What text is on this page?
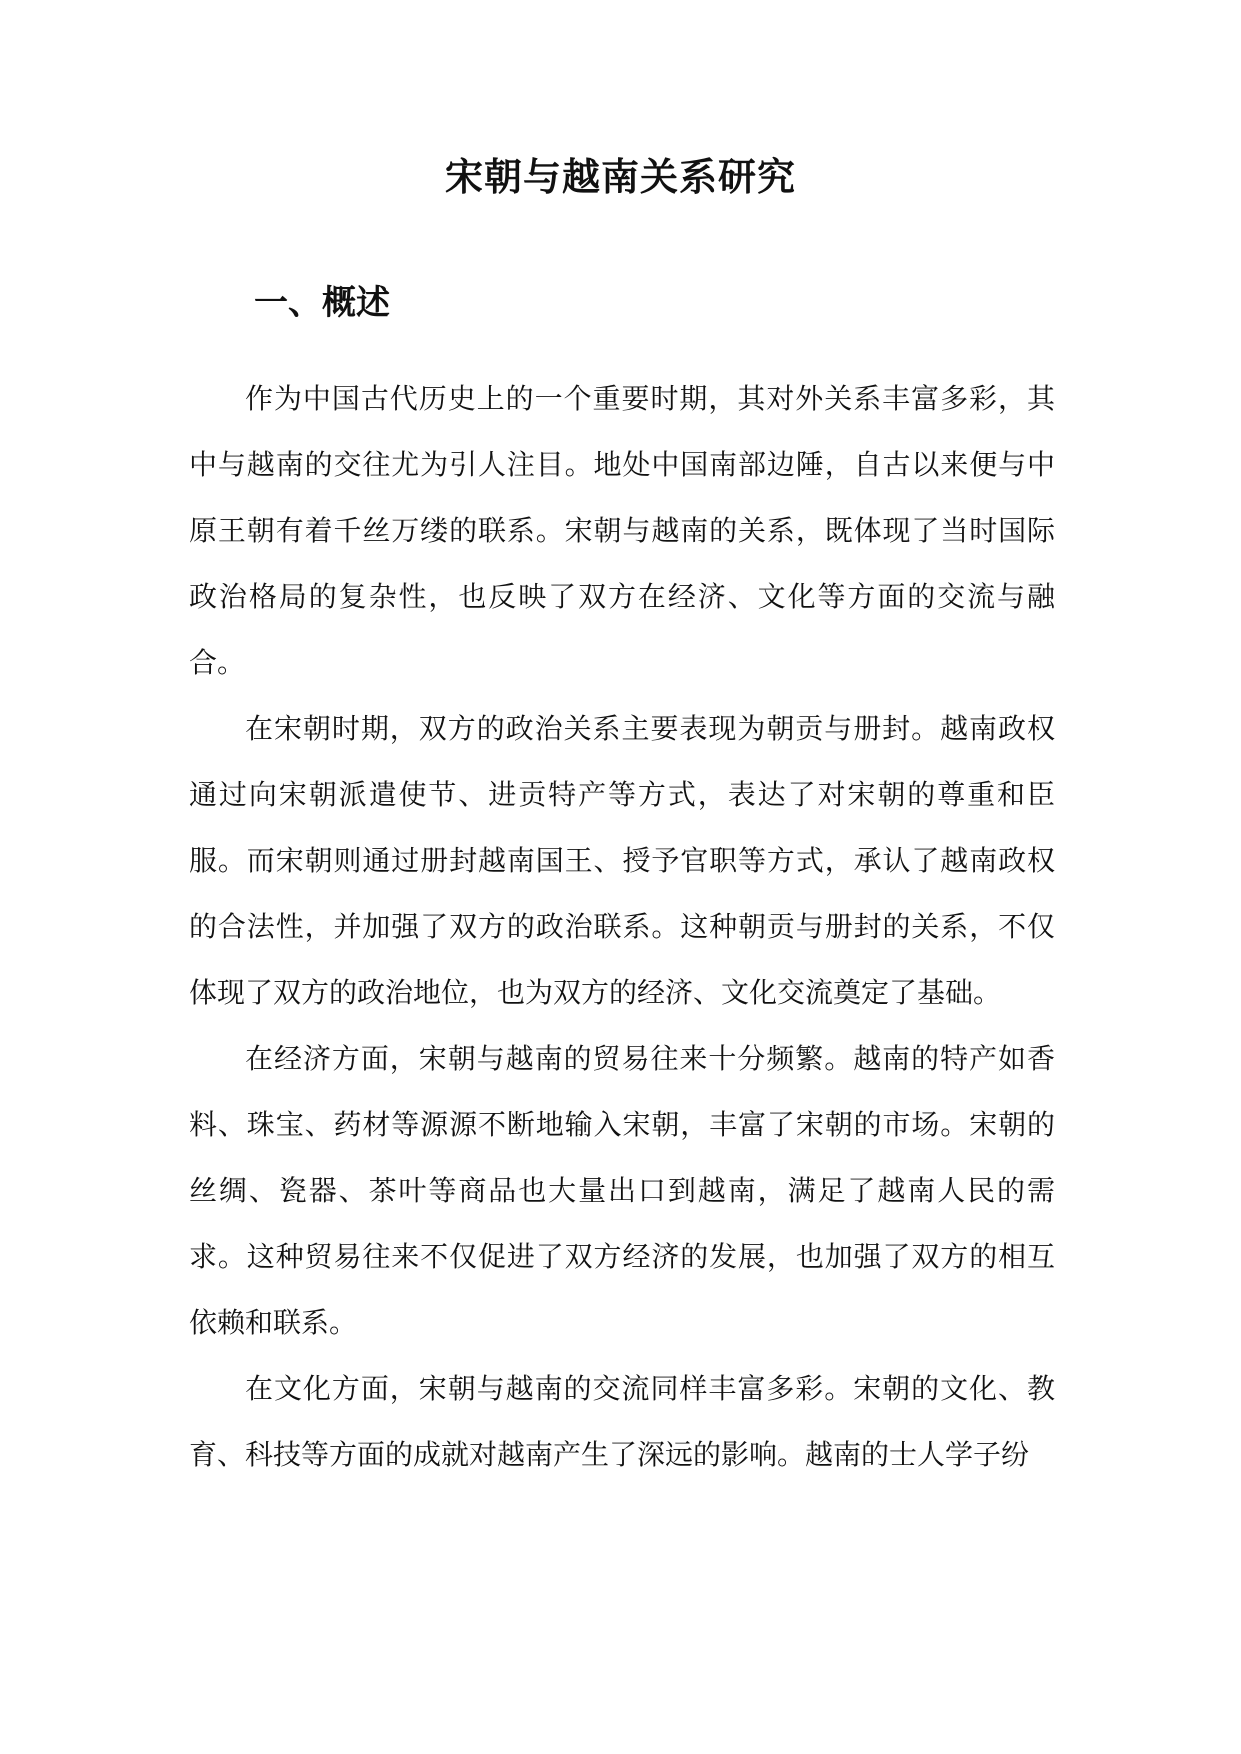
宋朝与越南关系研究
一、概述

作为中国古代历史上的一个重要时期，其对外关系丰富多彩，其中与越南的交往尤为引人注目。地处中国南部边陲，自古以来便与中原王朝有着千丝万缕的联系。宋朝与越南的关系，既体现了当时国际政治格局的复杂性，也反映了双方在经济、文化等方面的交流与融合。

在宋朝时期，双方的政治关系主要表现为朝贡与册封。越南政权通过向宋朝派遣使节、进贡特产等方式，表达了对宋朝的尊重和臣服。而宋朝则通过册封越南国王、授予官职等方式，承认了越南政权的合法性，并加强了双方的政治联系。这种朝贡与册封的关系，不仅体现了双方的政治地位，也为双方的经济、文化交流奠定了基础。

在经济方面，宋朝与越南的贸易往来十分频繁。越南的特产如香料、珠宝、药材等源源不断地输入宋朝，丰富了宋朝的市场。宋朝的丝绸、瓷器、茶叶等商品也大量出口到越南，满足了越南人民的需求。这种贸易往来不仅促进了双方经济的发展，也加强了双方的相互依赖和联系。

在文化方面，宋朝与越南的交流同样丰富多彩。宋朝的文化、教育、科技等方面的成就对越南产生了深远的影响。越南的士人学子纷
